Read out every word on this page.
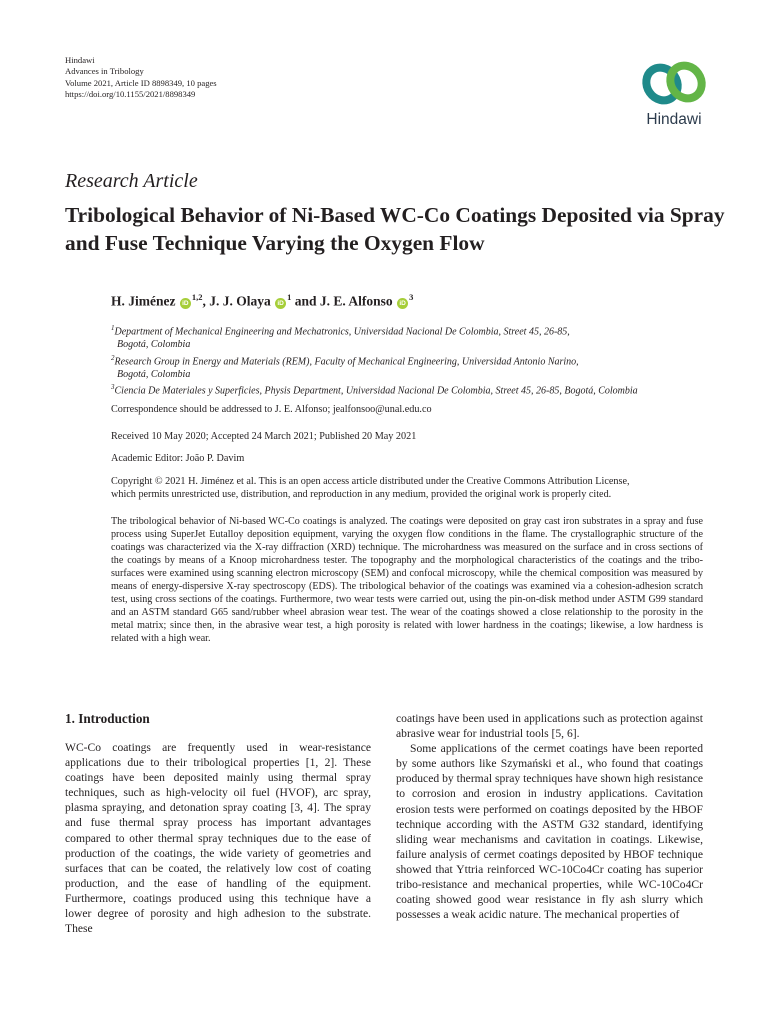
Hindawi
Advances in Tribology
Volume 2021, Article ID 8898349, 10 pages
https://doi.org/10.1155/2021/8898349
Hindawi
Research Article
Tribological Behavior of Ni-Based WC-Co Coatings Deposited via Spray and Fuse Technique Varying the Oxygen Flow
H. Jiménez iD$^{1,2}$, J. J. Olaya $iD^1$ and J. E. Alfonso $iD^3$
$^1$Department of Mechanical Engineering and Mechatronics, Universidad Nacional De Colombia, Street 45, 26-85,
Bogotá, Colombia
$^2$Research Group in Energy and Materials (REM), Faculty of Mechanical Engineering, Universidad Antonio Narino,
Bogotá, Colombia
$^3$Ciencia De Materiales y Superficies, Physis Department, Universidad Nacional De Colombia, Street 45, 26-85, Bogotá, Colombia
Correspondence should be addressed to J. E. Alfonso; jealfonsoo@unal.edu.co
Received 10 May 2020; Accepted 24 March 2021; Published 20 May 2021
Academic Editor: João P. Davim
Copyright © 2021 H. Jiménez et al. This is an open access article distributed under the Creative Commons Attribution License,
which permits unrestricted use, distribution, and reproduction in any medium, provided the original work is properly cited.
The tribological behavior of Ni-based WC-Co coatings is analyzed. The coatings were deposited on gray cast iron substrates in a spray and fuse process using SuperJet Eutalloy deposition equipment, varying the oxygen flow conditions in the flame. The crystallographic structure of the coatings was characterized via the X-ray diffraction (XRD) technique. The microhardness was measured on the surface and in cross sections of the coatings by means of a Knoop microhardness tester. The topography and the morphological characteristics of the coatings and the tribo-surfaces were examined using scanning electron microscopy (SEM) and confocal microscopy, while the chemical composition was measured by means of energy-dispersive X-ray spectroscopy (EDS). The tribological behavior of the coatings was examined via a cohesion-adhesion scratch test, using cross sections of the coatings. Furthermore, two wear tests were carried out, using the pin-on-disk method under ASTM G99 standard and an ASTM standard G65 sand/rubber wheel abrasion wear test. The wear of the coatings showed a close relationship to the porosity in the metal matrix; since then, in the abrasive wear test, a high porosity is related with lower hardness in the coatings; likewise, a low hardness is related with a high wear.
1. Introduction

WC-Co coatings are frequently used in wear-resistance applications due to their tribological properties [1, 2]. These coatings have been deposited mainly using thermal spray techniques, such as high-velocity oil fuel (HVOF), arc spray, plasma spraying, and detonation spray coating [3, 4]. The spray and fuse thermal spray process has important advantages compared to other thermal spray techniques due to the ease of production of the coatings, the wide variety of geometries and surfaces that can be coated, the relatively low cost of coating production, and the ease of handling of the equipment. Furthermore, coatings produced using this technique have a lower degree of porosity and high adhesion to the substrate. These

coatings have been used in applications such as protection against abrasive wear for industrial tools [5, 6].

Some applications of the cermet coatings have been reported by some authors like Szymański et al., who found that coatings produced by thermal spray techniques have shown high resistance to corrosion and erosion in industry applications. Cavitation erosion tests were performed on coatings deposited by the HBOF technique according with the ASTM G32 standard, identifying sliding wear mechanisms and cavitation in coatings. Likewise, failure analysis of cermet coatings deposited by HBOF technique showed that Yttria reinforced WC-10Co4Cr coating has superior tribo-resistance and mechanical properties, while WC-10Co4Cr coating showed good wear resistance in fly ash slurry which possesses a weak acidic nature. The mechanical properties of
